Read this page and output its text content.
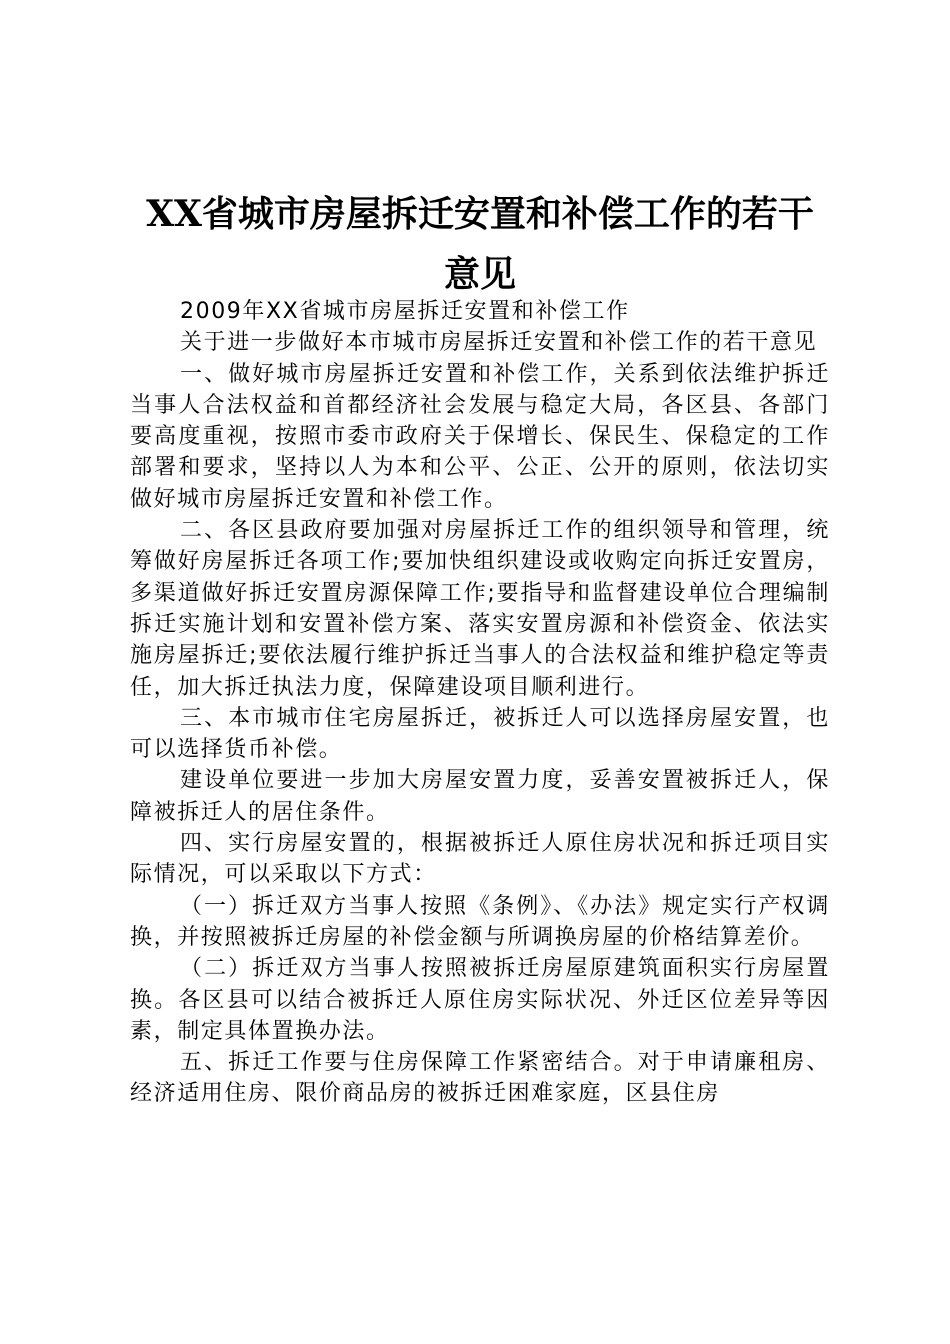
XX省城市房屋拆迁安置和补偿工作的若干意见

2009年XX省城市房屋拆迁安置和补偿工作

关于进一步做好本市城市房屋拆迁安置和补偿工作的若干意见

一、做好城市房屋拆迁安置和补偿工作，关系到依法维护拆迁当事人合法权益和首都经济社会发展与稳定大局，各区县、各部门要高度重视，按照市委市政府关于保增长、保民生、保稳定的工作部署和要求，坚持以人为本和公平、公正、公开的原则，依法切实做好城市房屋拆迁安置和补偿工作。

二、各区县政府要加强对房屋拆迁工作的组织领导和管理，统筹做好房屋拆迁各项工作;要加快组织建设或收购定向拆迁安置房，多渠道做好拆迁安置房源保障工作;要指导和监督建设单位合理编制拆迁实施计划和安置补偿方案、落实安置房源和补偿资金、依法实施房屋拆迁;要依法履行维护拆迁当事人的合法权益和维护稳定等责任，加大拆迁执法力度，保障建设项目顺利进行。

三、本市城市住宅房屋拆迁，被拆迁人可以选择房屋安置，也可以选择货币补偿。

建设单位要进一步加大房屋安置力度，妥善安置被拆迁人，保障被拆迁人的居住条件。

四、实行房屋安置的，根据被拆迁人原住房状况和拆迁项目实际情况，可以采取以下方式：

（一）拆迁双方当事人按照《条例》、《办法》规定实行产权调换，并按照被拆迁房屋的补偿金额与所调换房屋的价格结算差价。

（二）拆迁双方当事人按照被拆迁房屋原建筑面积实行房屋置换。各区县可以结合被拆迁人原住房实际状况、外迁区位差异等因素，制定具体置换办法。

五、拆迁工作要与住房保障工作紧密结合。对于申请廉租房、经济适用住房、限价商品房的被拆迁困难家庭，区县住房
